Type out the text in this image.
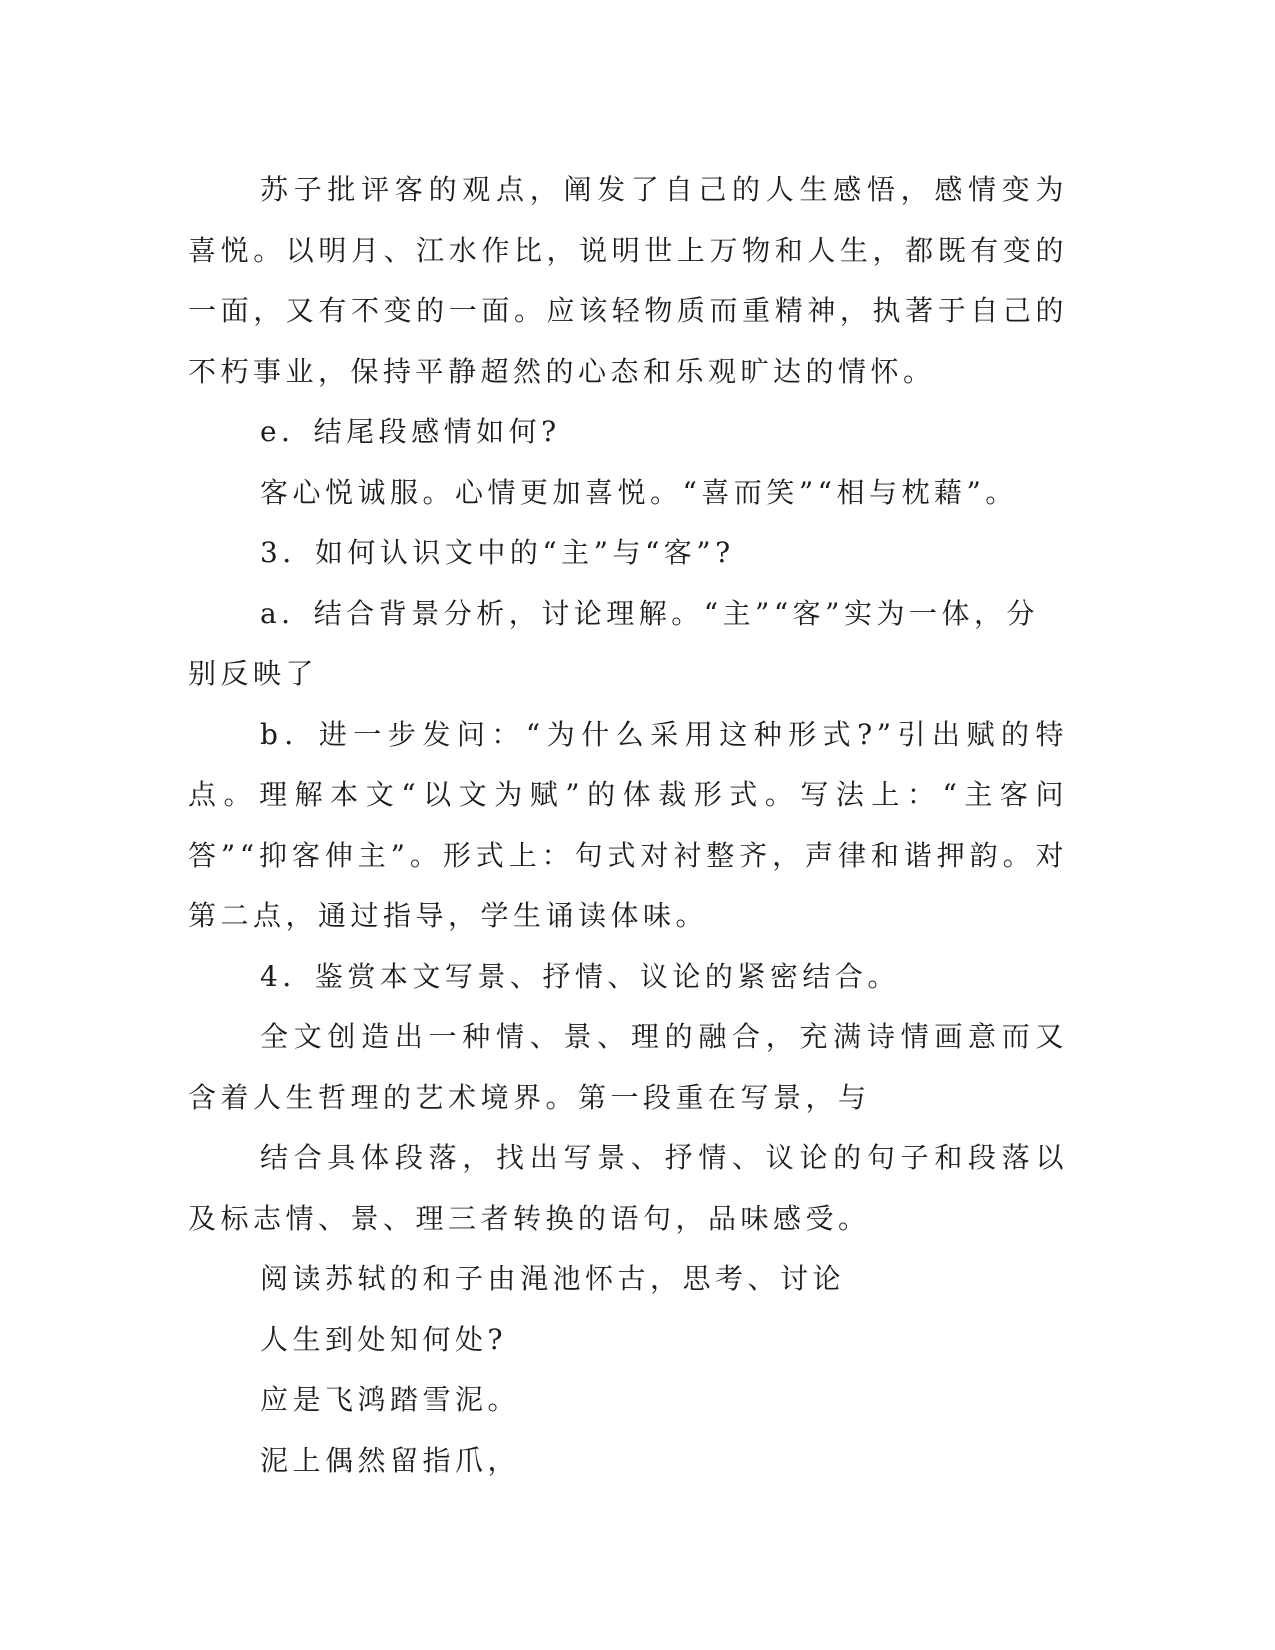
苏子批评客的观点，阐发了自己的人生感悟，感情变为喜悦。以明月、江水作比，说明世上万物和人生，都既有变的一面，又有不变的一面。应该轻物质而重精神，执著于自己的不朽事业，保持平静超然的心态和乐观旷达的情怀。

e．结尾段感情如何?

客心悦诚服。心情更加喜悦。“喜而笑”“相与枕藉”。

3．如何认识文中的“主”与“客”?

a．结合背景分析，讨论理解。“主”“客”实为一体，分别反映了

b．进一步发问：“为什么采用这种形式?”引出赋的特点。理解本文“以文为赋”的体裁形式。写法上：“主客问答”“抑客伸主”。形式上：句式对衬整齐，声律和谐押韵。对第二点，通过指导，学生诵读体味。

4．鉴赏本文写景、抒情、议论的紧密结合。

全文创造出一种情、景、理的融合，充满诗情画意而又含着人生哲理的艺术境界。第一段重在写景，与

结合具体段落，找出写景、抒情、议论的句子和段落以及标志情、景、理三者转换的语句，品味感受。

阅读苏轼的和子由渑池怀古，思考、讨论

人生到处知何处?

应是飞鸿踏雪泥。

泥上偶然留指爪，
